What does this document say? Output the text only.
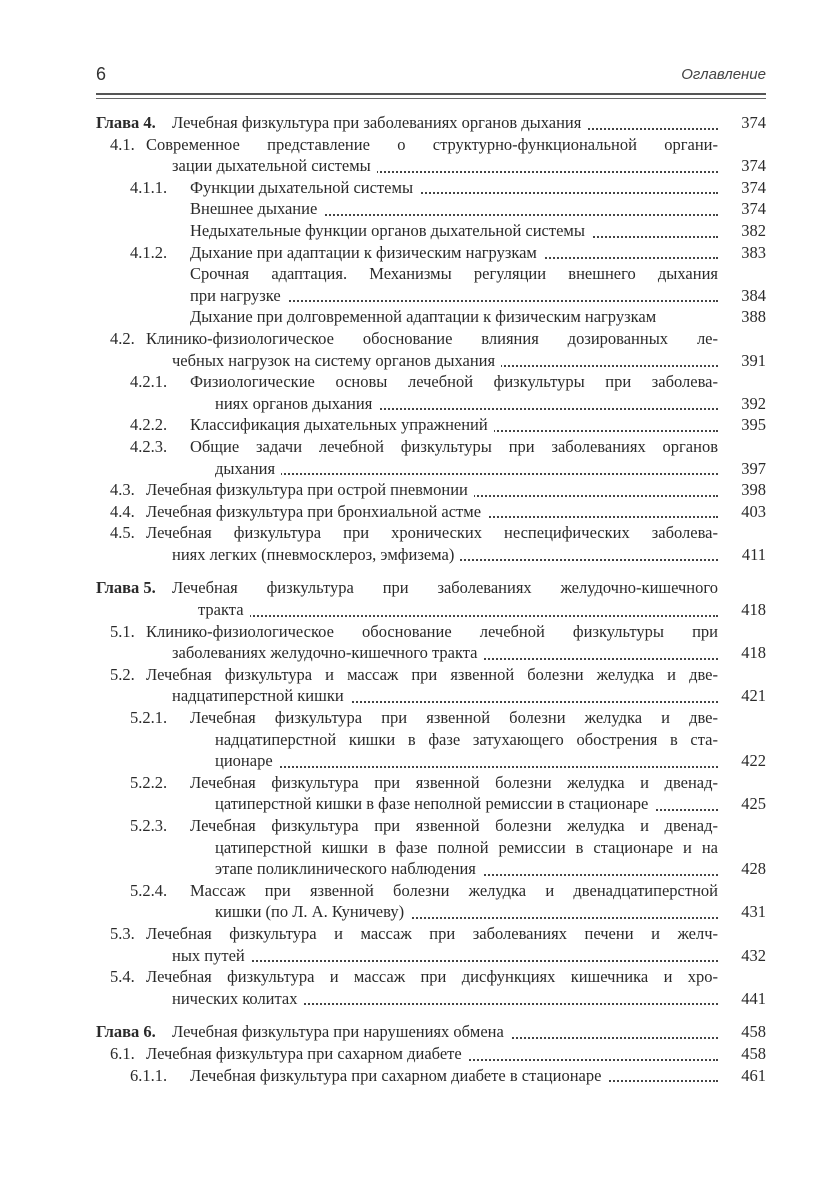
6	Оглавление
Глава 4. Лечебная физкультура при заболеваниях органов дыхания	374
4.1. Современное представление о структурно-функциональной органи-
зации дыхательной системы	374
4.1.1. Функции дыхательной системы	374
Внешнее дыхание	374
Недыхательные функции органов дыхательной системы	382
4.1.2. Дыхание при адаптации к физическим нагрузкам	383
Срочная адаптация. Механизмы регуляции внешнего дыхания
при нагрузке	384
Дыхание при долговременной адаптации к физическим нагрузкам	388
4.2. Клинико-физиологическое обоснование влияния дозированных ле-
чебных нагрузок на систему органов дыхания	391
4.2.1. Физиологические основы лечебной физкультуры при заболева-
ниях органов дыхания	392
4.2.2. Классификация дыхательных упражнений	395
4.2.3. Общие задачи лечебной физкультуры при заболеваниях органов
дыхания	397
4.3. Лечебная физкультура при острой пневмонии	398
4.4. Лечебная физкультура при бронхиальной астме	403
4.5. Лечебная физкультура при хронических неспецифических заболева-
ниях легких (пневмосклероз, эмфизема)	411
Глава 5. Лечебная физкультура при заболеваниях желудочно-кишечного
тракта	418
5.1. Клинико-физиологическое обоснование лечебной физкультуры при
заболеваниях желудочно-кишечного тракта	418
5.2. Лечебная физкультура и массаж при язвенной болезни желудка и две-
надцатиперстной кишки	421
5.2.1. Лечебная физкультура при язвенной болезни желудка и две-
надцатиперстной кишки в фазе затухающего обострения в ста-
ционаре	422
5.2.2. Лечебная физкультура при язвенной болезни желудка и двенад-
цатиперстной кишки в фазе неполной ремиссии в стационаре	425
5.2.3. Лечебная физкультура при язвенной болезни желудка и двенад-
цатиперстной кишки в фазе полной ремиссии в стационаре и на
этапе поликлинического наблюдения	428
5.2.4. Массаж при язвенной болезни желудка и двенадцатиперстной
кишки (по Л. А. Куничеву)	431
5.3. Лечебная физкультура и массаж при заболеваниях печени и желч-
ных путей	432
5.4. Лечебная физкультура и массаж при дисфункциях кишечника и хро-
нических колитах	441
Глава 6. Лечебная физкультура при нарушениях обмена	458
6.1. Лечебная физкультура при сахарном диабете	458
6.1.1. Лечебная физкультура при сахарном диабете в стационаре	461
